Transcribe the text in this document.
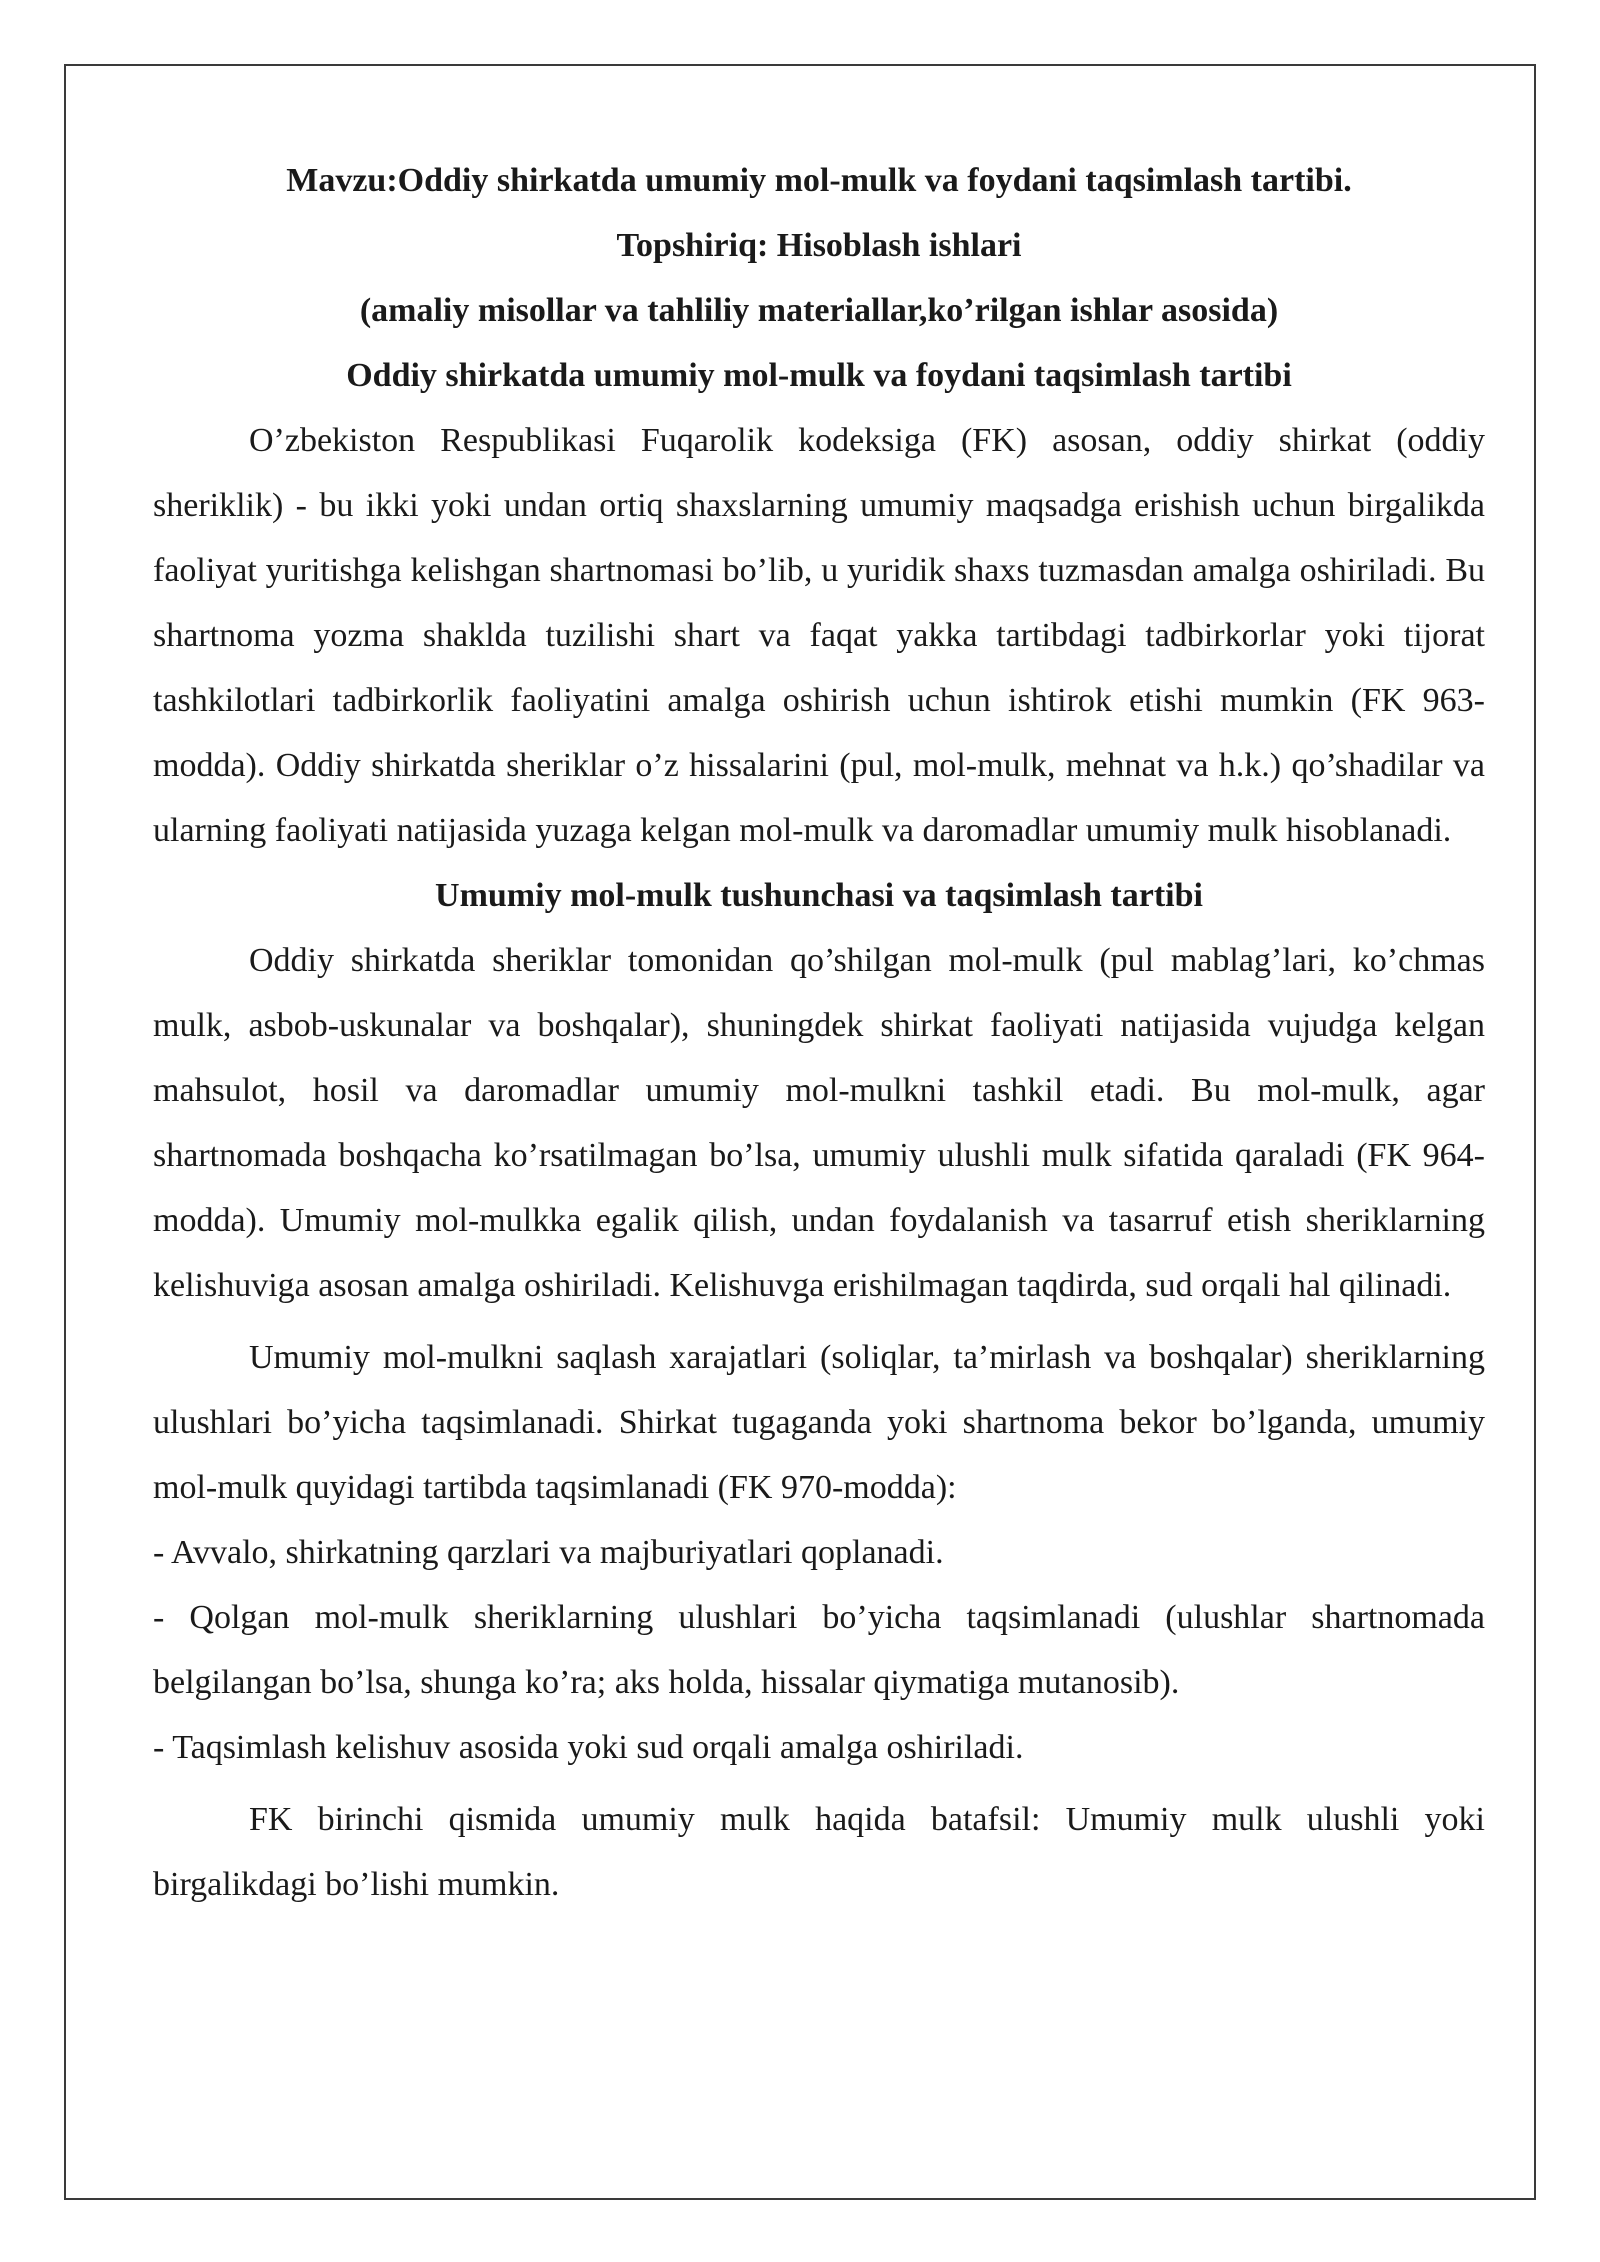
Mavzu:Oddiy shirkatda umumiy mol-mulk va foydani taqsimlash tartibi.

Topshiriq: Hisoblash ishlari

(amaliy misollar va tahliliy materiallar,ko’rilgan ishlar asosida)

Oddiy shirkatda umumiy mol-mulk va foydani taqsimlash tartibi

O’zbekiston Respublikasi Fuqarolik kodeksiga (FK) asosan, oddiy shirkat (oddiy sheriklik) - bu ikki yoki undan ortiq shaxslarning umumiy maqsadga erishish uchun birgalikda faoliyat yuritishga kelishgan shartnomasi bo’lib, u yuridik shaxs tuzmasdan amalga oshiriladi. Bu shartnoma yozma shakldа tuzilishi shart va faqat yakka tartibdagi tadbirkorlar yoki tijorat tashkilotlari tadbirkorlik faoliyatini amalga oshirish uchun ishtirok etishi mumkin (FK 963-modda). Oddiy shirkatda sheriklar o’z hissalarini (pul, mol-mulk, mehnat va h.k.) qo’shadilar va ularning faoliyati natijasida yuzaga kelgan mol-mulk va daromadlar umumiy mulk hisoblanadi.

Umumiy mol-mulk tushunchasi va taqsimlash tartibi

Oddiy shirkatda sheriklar tomonidan qo’shilgan mol-mulk (pul mablag’lari, ko’chmas mulk, asbob-uskunalar va boshqalar), shuningdek shirkat faoliyati natijasida vujudga kelgan mahsulot, hosil va daromadlar umumiy mol-mulkni tashkil etadi. Bu mol-mulk, agar shartnomada boshqacha ko’rsatilmagan bo’lsa, umumiy ulushli mulk sifatida qaraladi (FK 964-modda). Umumiy mol-mulkka egalik qilish, undan foydalanish va tasarruf etish sheriklarning kelishuviga asosan amalga oshiriladi. Kelishuvga erishilmagan taqdirda, sud orqali hal qilinadi.

Umumiy mol-mulkni saqlash xarajatlari (soliqlar, ta’mirlash va boshqalar) sheriklarning ulushlari bo’yicha taqsimlanadi. Shirkat tugaganda yoki shartnoma bekor bo’lganda, umumiy mol-mulk quyidagi tartibda taqsimlanadi (FK 970-modda):

- Avvalo, shirkatning qarzlari va majburiyatlari qoplanadi.

- Qolgan mol-mulk sheriklarning ulushlari bo’yicha taqsimlanadi (ulushlar shartnomada belgilangan bo’lsa, shunga ko’ra; aks holda, hissalar qiymatiga mutanosib).

- Taqsimlash kelishuv asosida yoki sud orqali amalga oshiriladi.

FK birinchi qismida umumiy mulk haqida batafsil: Umumiy mulk ulushli yoki birgalikdagi bo’lishi mumkin.
